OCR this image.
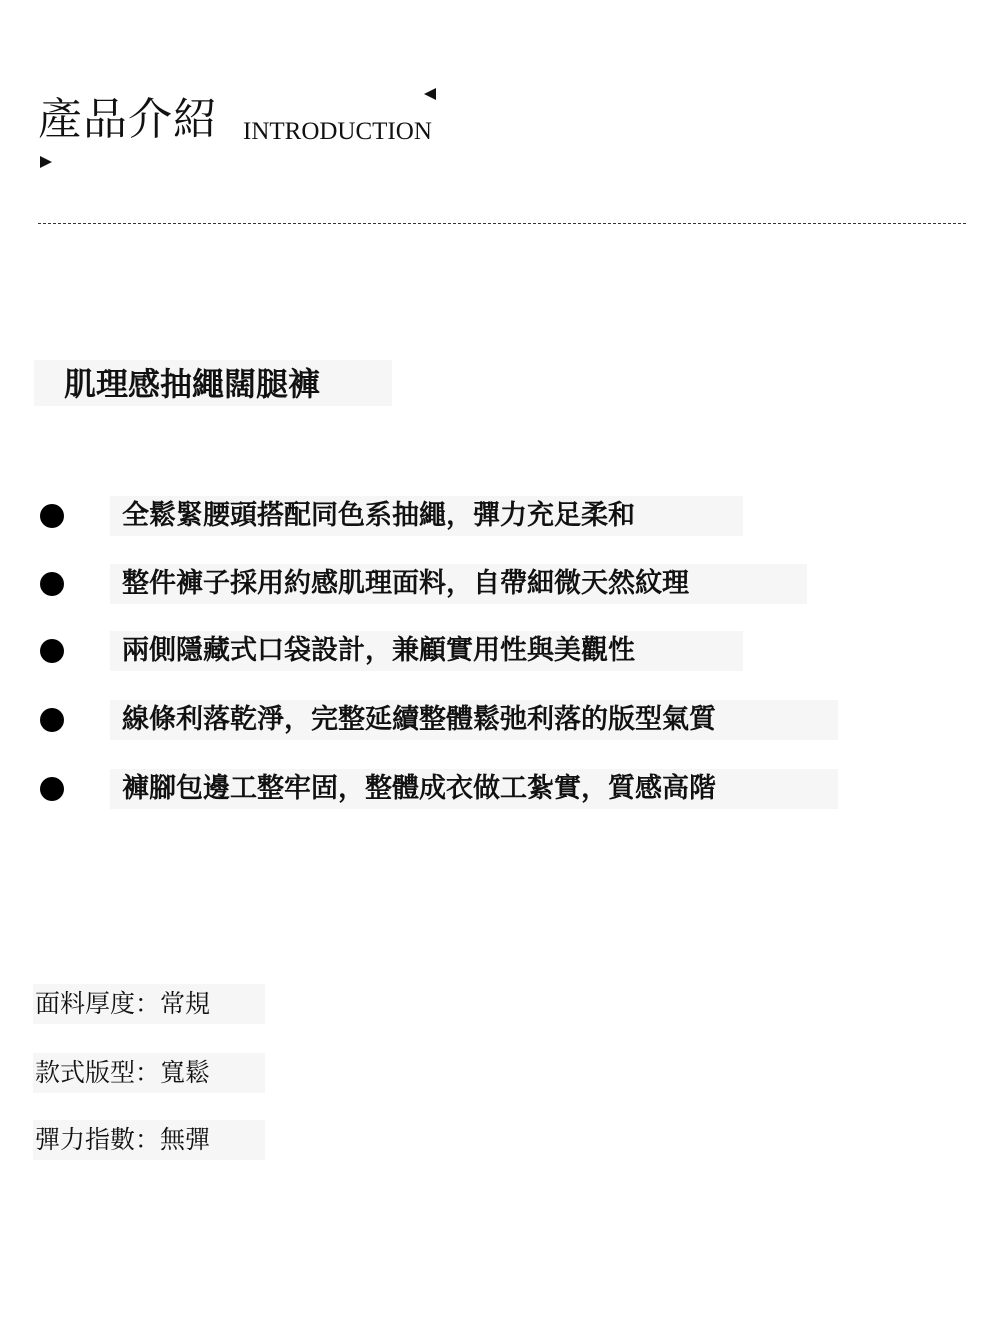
產品介紹 INTRODUCTION
肌理感抽繩闊腿褲
全鬆緊腰頭搭配同色系抽繩，彈力充足柔和
整件褲子採用約感肌理面料，自帶細微天然紋理
兩側隱藏式口袋設計，兼顧實用性與美觀性
線條利落乾淨，完整延續整體鬆弛利落的版型氣質
褲腳包邊工整牢固，整體成衣做工紮實，質感高階
面料厚度：常規
款式版型：寬鬆
彈力指數：無彈
